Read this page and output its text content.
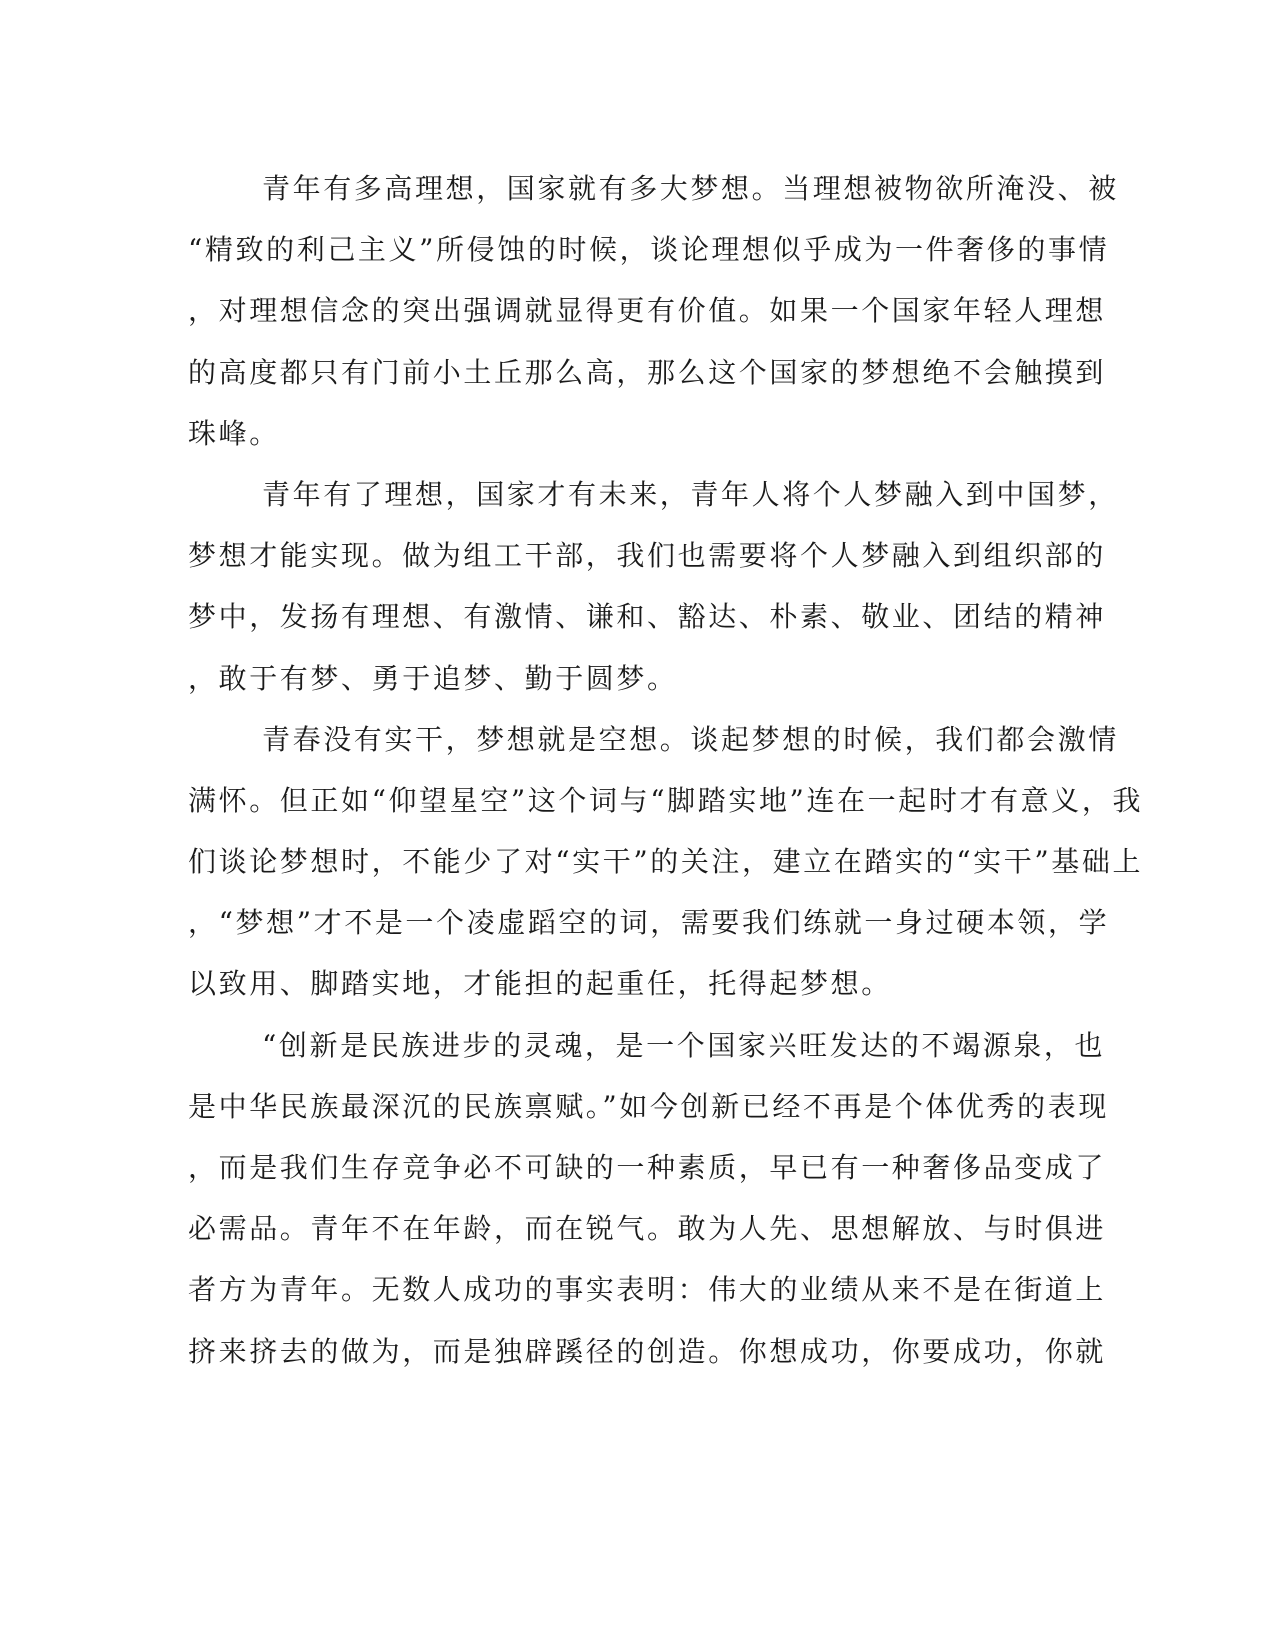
青年有多高理想，国家就有多大梦想。当理想被物欲所淹没、被
“精致的利己主义”所侵蚀的时候，谈论理想似乎成为一件奢侈的事情
，对理想信念的突出强调就显得更有价值。如果一个国家年轻人理想
的高度都只有门前小土丘那么高，那么这个国家的梦想绝不会触摸到
珠峰。
青年有了理想，国家才有未来，青年人将个人梦融入到中国梦，
梦想才能实现。做为组工干部，我们也需要将个人梦融入到组织部的
梦中，发扬有理想、有激情、谦和、豁达、朴素、敬业、团结的精神
，敢于有梦、勇于追梦、勤于圆梦。
青春没有实干，梦想就是空想。谈起梦想的时候，我们都会激情
满怀。但正如“仰望星空”这个词与“脚踏实地”连在一起时才有意义，我
们谈论梦想时，不能少了对“实干”的关注，建立在踏实的“实干”基础上
，“梦想”才不是一个凌虚蹈空的词，需要我们练就一身过硬本领，学
以致用、脚踏实地，才能担的起重任，托得起梦想。
“创新是民族进步的灵魂，是一个国家兴旺发达的不竭源泉，也
是中华民族最深沉的民族禀赋。”如今创新已经不再是个体优秀的表现
，而是我们生存竞争必不可缺的一种素质，早已有一种奢侈品变成了
必需品。青年不在年龄，而在锐气。敢为人先、思想解放、与时俱进
者方为青年。无数人成功的事实表明：伟大的业绩从来不是在街道上
挤来挤去的做为，而是独辟蹊径的创造。你想成功，你要成功，你就
